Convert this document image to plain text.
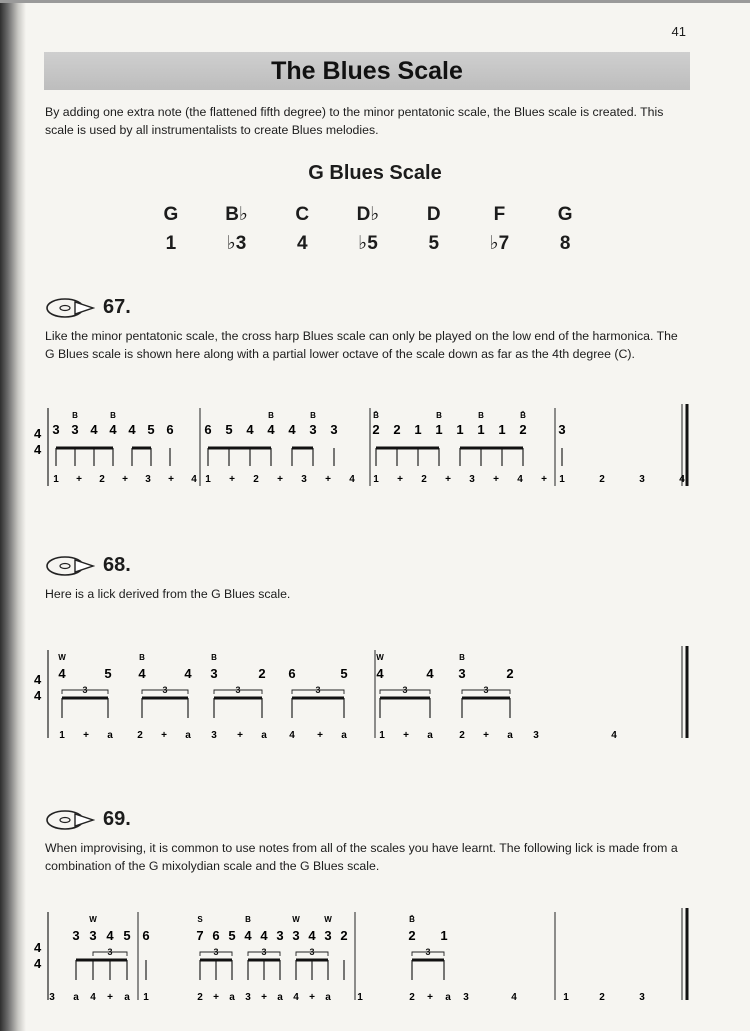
41
The Blues Scale

By adding one extra note (the flattened fifth degree) to the minor pentatonic scale, the Blues scale is created. This scale is used by all instrumentalists to create Blues melodies.

G Blues Scale
G	B♭	C	D♭	D	F	G
1	♭3	4	♭5	5	♭7	8
67.

Like the minor pentatonic scale, the cross harp Blues scale can only be played on the low end of the harmonica. The G Blues scale is shown here along with a partial lower octave of the scale down as far as the 4th degree (C).

4
4
3
B
3 4
B
4 4 5 6 6 5 4
B
4 4
B
3 3
B̄
2 2 1
B
1 1
B
1 1
B̄
2 3
1 + 2 + 3 + 4 1 + 2 + 3 + 4 1 + 2 + 3 + 4 + 1	2	3	4
68.

Here is a lick derived from the G Blues scale.

4
4
W
4	5
B
4	4
B
3	2 6	5
W
4	4
B
3	2
3	3	3	3	3	3
1 + a 2 + a 3 + a 4 + a	1 + a	2 + a 3	4
69.

When improvising, it is common to use notes from all of the scales you have learnt. The following lick is made from a combination of the G mixolydian scale and the G Blues scale.

4
4
3
W
3 4 5 6
S
7 6 5
B
4 4 3
W
3 4
W
3 2
B̄
2 1
3	3	3	3	3
3 a 4 + a 1	2 + a 3 + a 4 + a	1	2 + a 3	4	1	2	3
